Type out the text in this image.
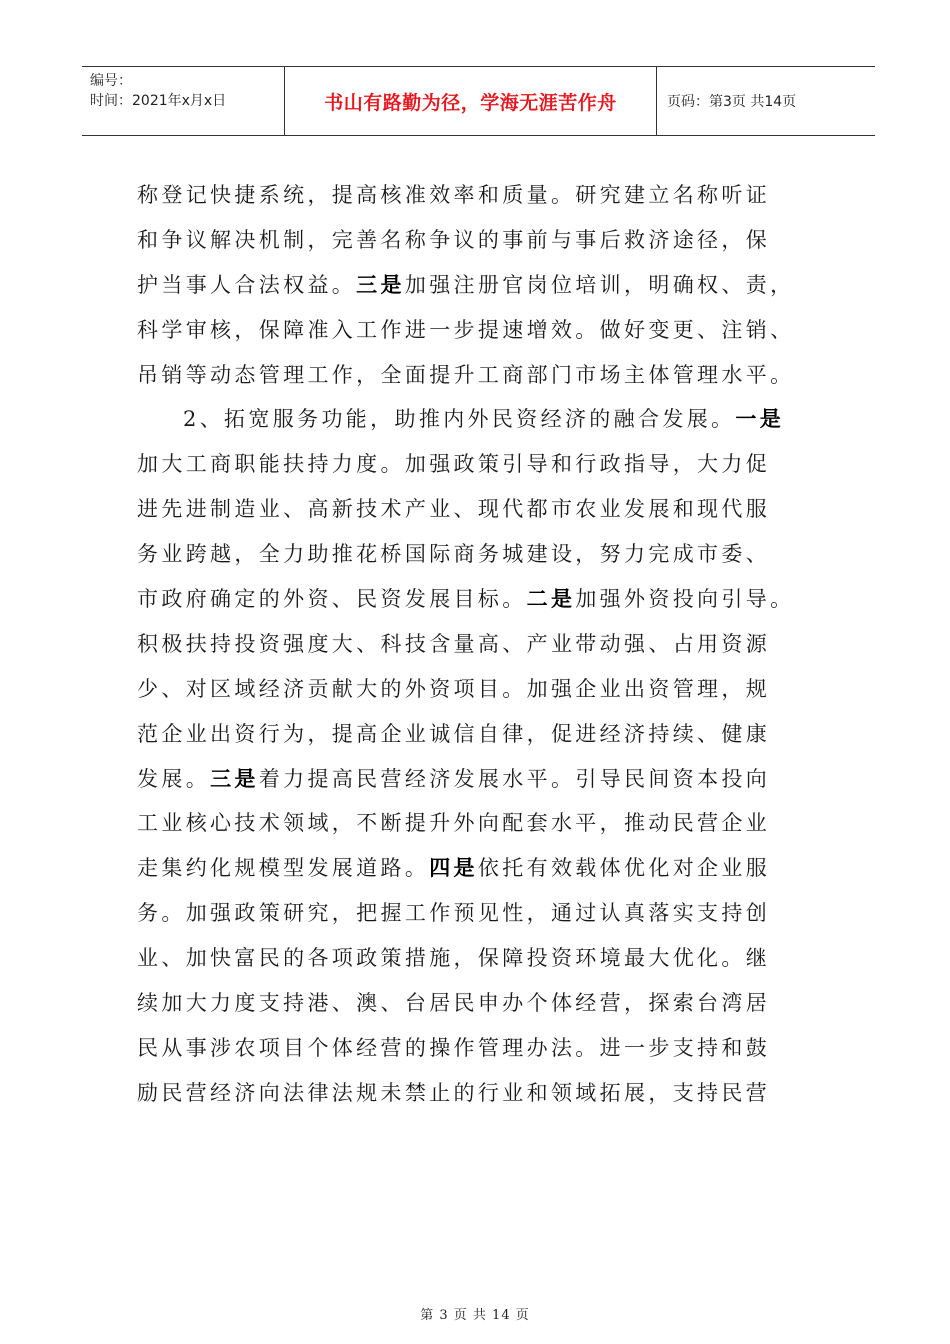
编号：
时间：2021年x月x日	书山有路勤为径，学海无涯苦作舟	页码：第3页 共14页
称登记快捷系统，提高核准效率和质量。研究建立名称听证
和争议解决机制，完善名称争议的事前与事后救济途径，保
护当事人合法权益。三是加强注册官岗位培训，明确权、责，
科学审核，保障准入工作进一步提速增效。做好变更、注销、
吊销等动态管理工作，全面提升工商部门市场主体管理水平。
2、拓宽服务功能，助推内外民资经济的融合发展。一是
加大工商职能扶持力度。加强政策引导和行政指导，大力促
进先进制造业、高新技术产业、现代都市农业发展和现代服
务业跨越，全力助推花桥国际商务城建设，努力完成市委、
市政府确定的外资、民资发展目标。二是加强外资投向引导。
积极扶持投资强度大、科技含量高、产业带动强、占用资源
少、对区域经济贡献大的外资项目。加强企业出资管理，规
范企业出资行为，提高企业诚信自律，促进经济持续、健康
发展。三是着力提高民营经济发展水平。引导民间资本投向
工业核心技术领域，不断提升外向配套水平，推动民营企业
走集约化规模型发展道路。四是依托有效载体优化对企业服
务。加强政策研究，把握工作预见性，通过认真落实支持创
业、加快富民的各项政策措施，保障投资环境最大优化。继
续加大力度支持港、澳、台居民申办个体经营，探索台湾居
民从事涉农项目个体经营的操作管理办法。进一步支持和鼓
励民营经济向法律法规未禁止的行业和领域拓展，支持民营
第 3 页 共 14 页
